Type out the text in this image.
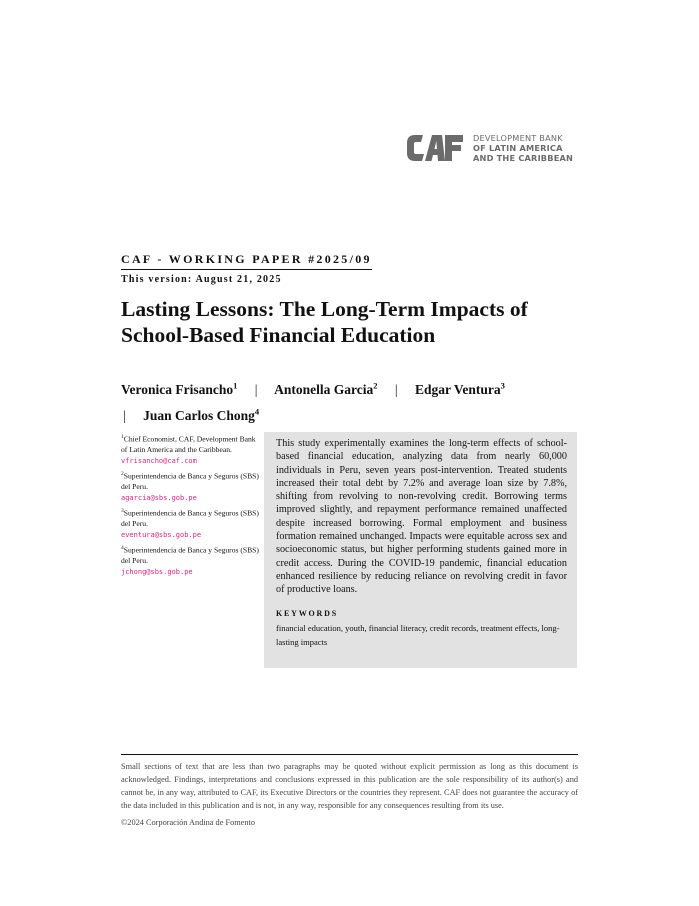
DEVELOPMENT BANK
OF LATIN AMERICA
AND THE CARIBBEAN
CAF - WORKING PAPER #2025/09
This version: August 21, 2025
Lasting Lessons: The Long-Term Impacts of School-Based Financial Education
Veronica Frisancho$^1$ | Antonella Garcia$^2$ | Edgar Ventura$^3$
| Juan Carlos Chong$^4$
$^1$Chief Economist, CAF, Development Bank of Latin America and the Caribbean.
vfrisancho@caf.com
$^2$Superintendencia de Banca y Seguros (SBS) del Peru.
agarcia@sbs.gob.pe
$^3$Superintendencia de Banca y Seguros (SBS) del Peru.
eventura@sbs.gob.pe
$^4$Superintendencia de Banca y Seguros (SBS) del Peru.
jchong@sbs.gob.pe
This study experimentally examines the long-term effects of school-based financial education, analyzing data from nearly 60,000 individuals in Peru, seven years post-intervention. Treated students increased their total debt by 7.2% and average loan size by 7.8%, shifting from revolving to non-revolving credit. Borrowing terms improved slightly, and repayment performance remained unaffected despite increased borrowing. Formal employment and business formation remained unchanged. Impacts were equitable across sex and socioeconomic status, but higher performing students gained more in credit access. During the COVID-19 pandemic, financial education enhanced resilience by reducing reliance on revolving credit in favor of productive loans.
KEYWORDS
financial education, youth, financial literacy, credit records, treatment effects, long-lasting impacts
Small sections of text that are less than two paragraphs may be quoted without explicit permission as long as this document is acknowledged. Findings, interpretations and conclusions expressed in this publication are the sole responsibility of its author(s) and cannot be, in any way, attributed to CAF, its Executive Directors or the countries they represent. CAF does not guarantee the accuracy of the data included in this publication and is not, in any way, responsible for any consequences resulting from its use.
©2024 Corporación Andina de Fomento
